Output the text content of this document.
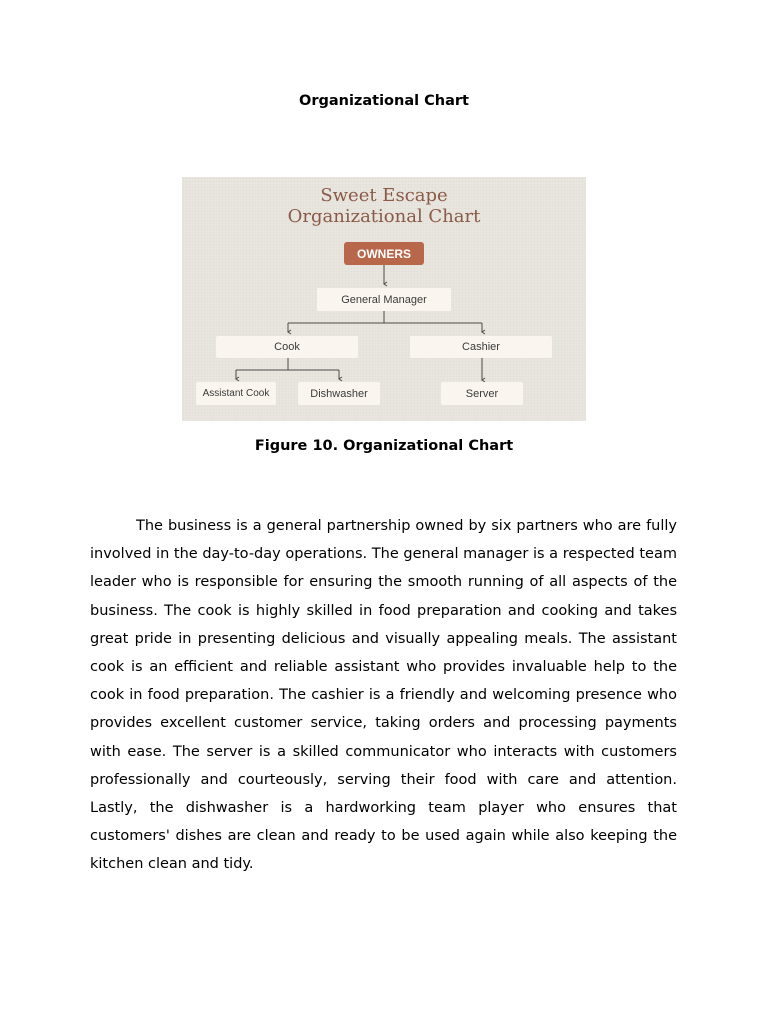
Organizational Chart
Sweet Escape
Organizational Chart
OWNERS
General Manager
Cook	Cashier
Assistant Cook	Dishwasher	Server
Figure 10. Organizational Chart

The business is a general partnership owned by six partners who are fully involved in the day-to-day operations. The general manager is a respected team leader who is responsible for ensuring the smooth running of all aspects of the business. The cook is highly skilled in food preparation and cooking and takes great pride in presenting delicious and visually appealing meals. The assistant cook is an efficient and reliable assistant who provides invaluable help to the cook in food preparation. The cashier is a friendly and welcoming presence who provides excellent customer service, taking orders and processing payments with ease. The server is a skilled communicator who interacts with customers professionally and courteously, serving their food with care and attention. Lastly, the dishwasher is a hardworking team player who ensures that customers' dishes are clean and ready to be used again while also keeping the kitchen clean and tidy.
